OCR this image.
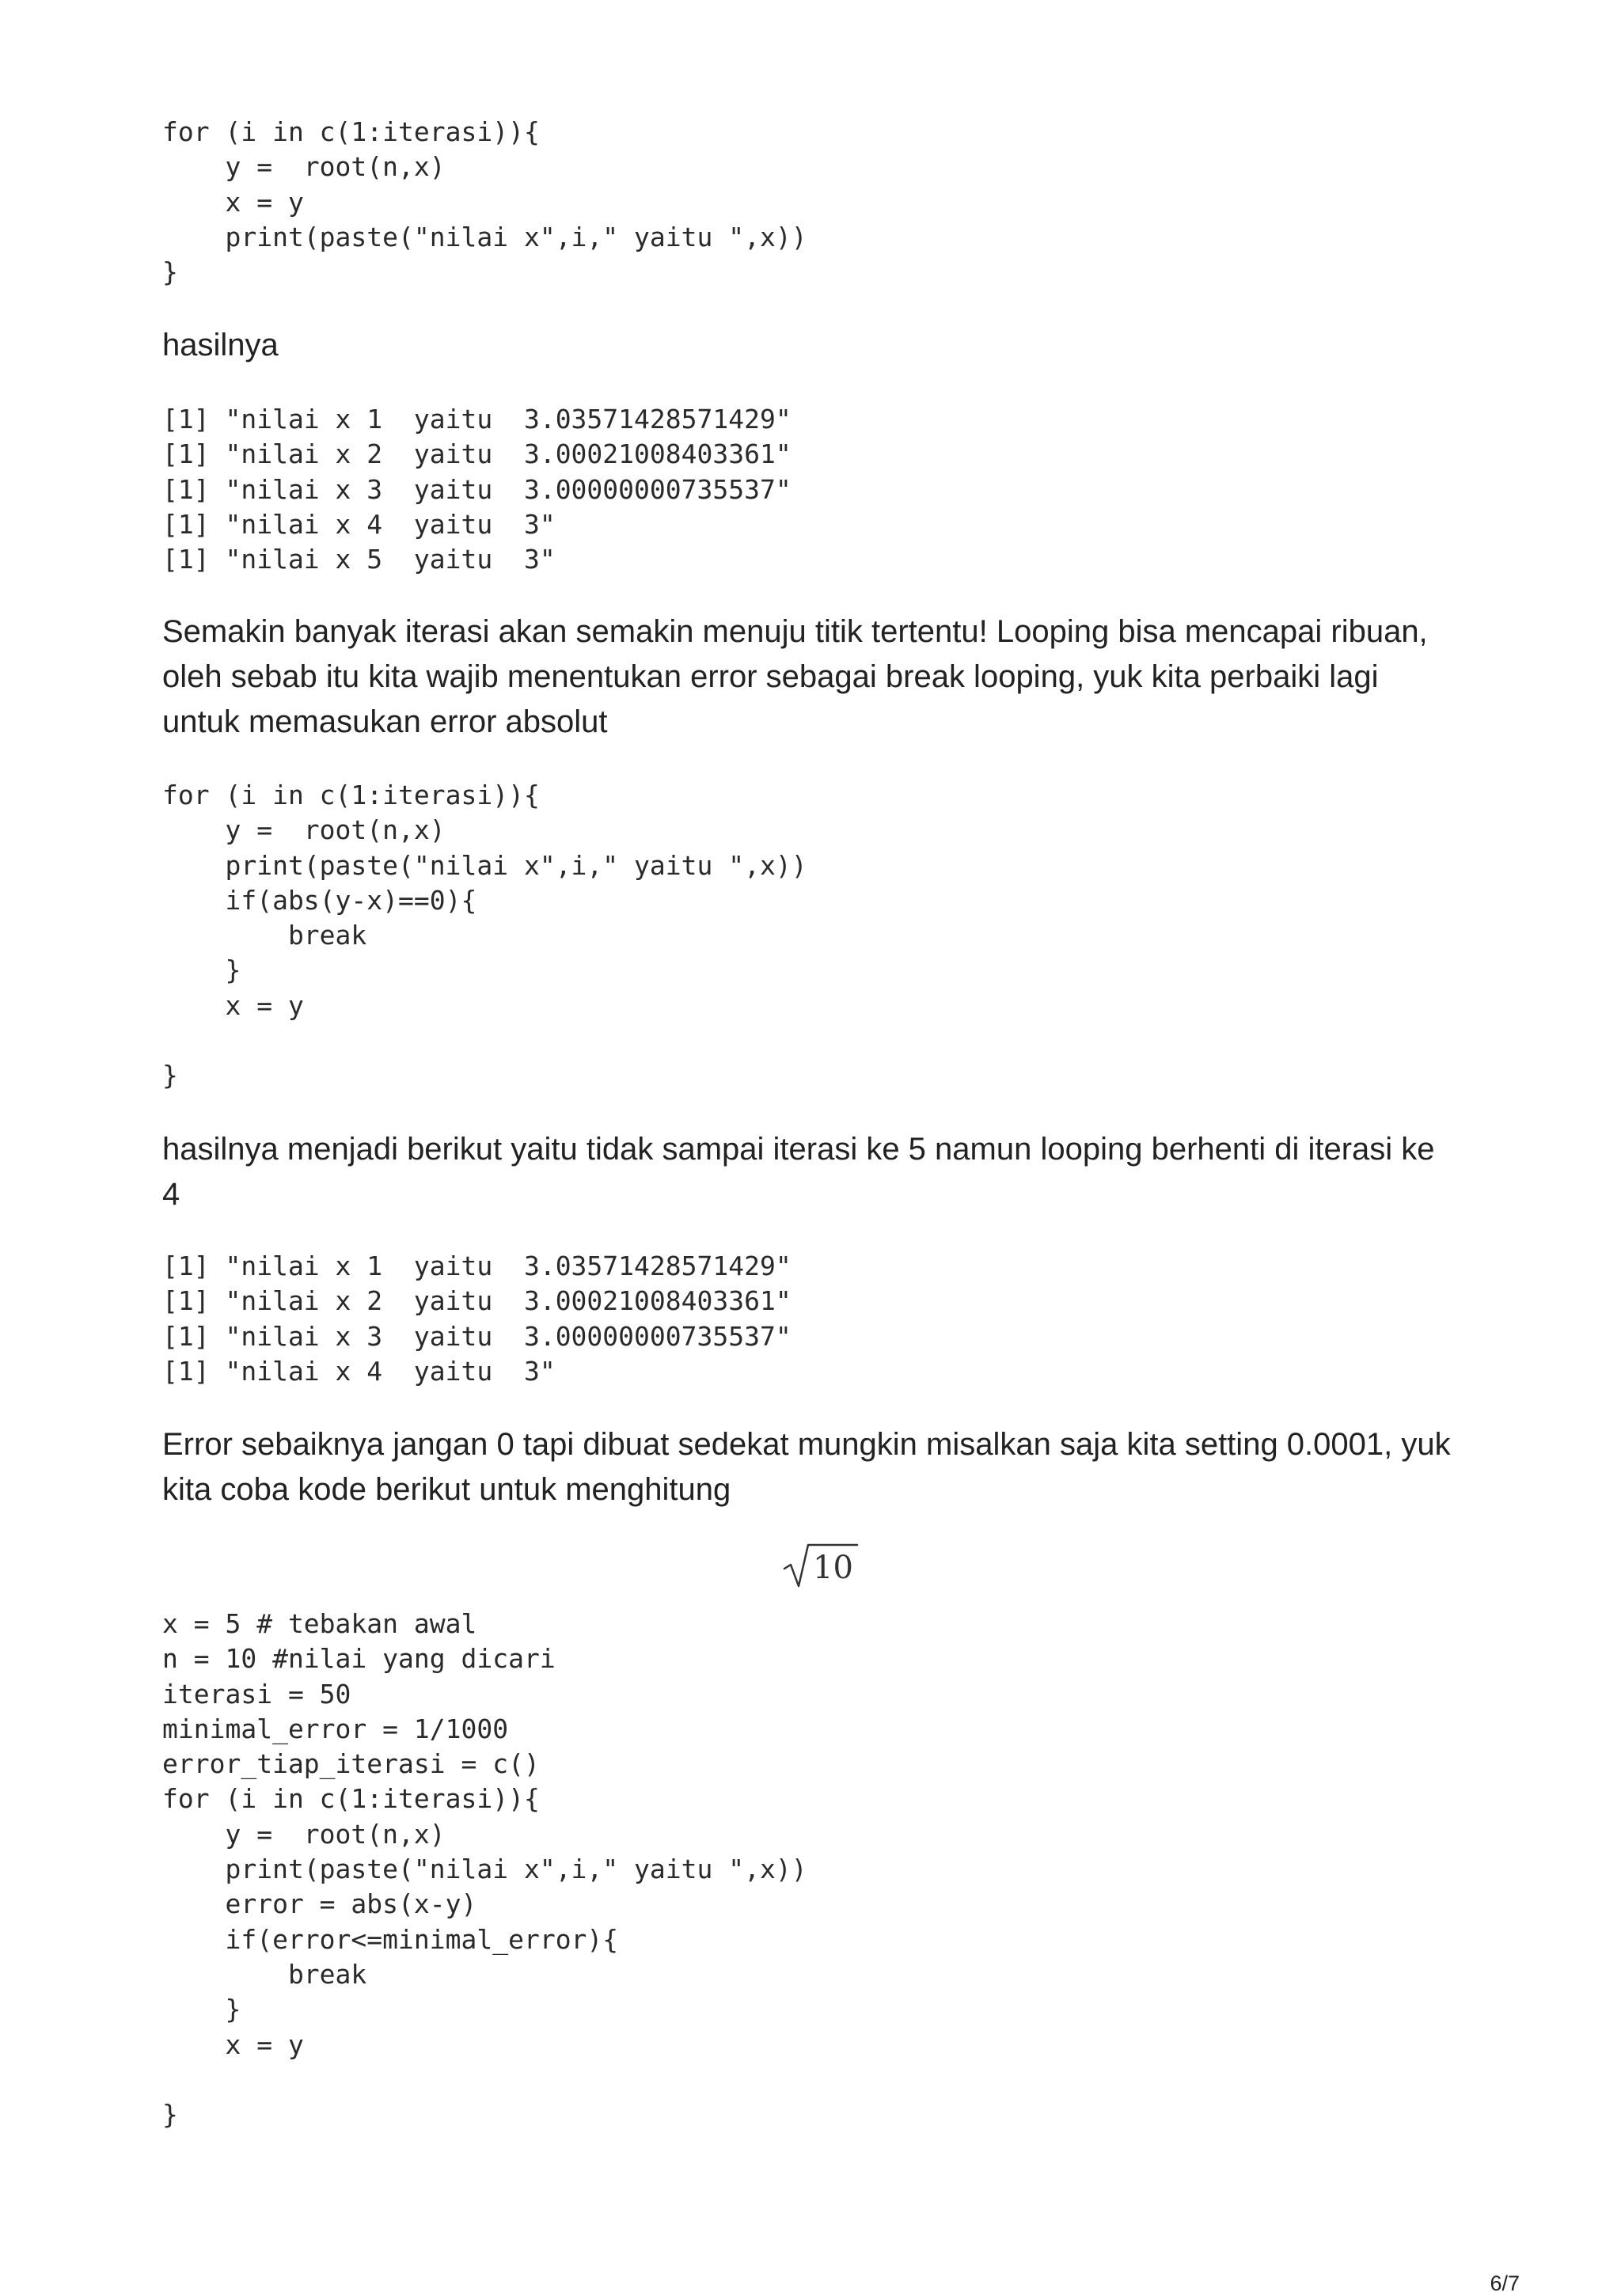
for (i in c(1:iterasi)){
y =  root(n,x)
x = y
print(paste("nilai x",i," yaitu ",x))
}

hasilnya

[1] "nilai x 1  yaitu  3.03571428571429"
[1] "nilai x 2  yaitu  3.00021008403361"
[1] "nilai x 3  yaitu  3.00000000735537"
[1] "nilai x 4  yaitu  3"
[1] "nilai x 5  yaitu  3"

Semakin banyak iterasi akan semakin menuju titik tertentu! Looping bisa mencapai ribuan, oleh sebab itu kita wajib menentukan error sebagai break looping, yuk kita perbaiki lagi untuk memasukan error absolut

for (i in c(1:iterasi)){
y =  root(n,x)
print(paste("nilai x",i," yaitu ",x))
if(abs(y-x)==0){
break
}
x = y

}

hasilnya menjadi berikut yaitu tidak sampai iterasi ke 5 namun looping berhenti di iterasi ke 4

[1] "nilai x 1  yaitu  3.03571428571429"
[1] "nilai x 2  yaitu  3.00021008403361"
[1] "nilai x 3  yaitu  3.00000000735537"
[1] "nilai x 4  yaitu  3"

Error sebaiknya jangan 0 tapi dibuat sedekat mungkin misalkan saja kita setting 0.0001, yuk kita coba kode berikut untuk menghitung

10
x = 5 # tebakan awal
n = 10 #nilai yang dicari
iterasi = 50
minimal_error = 1/1000
error_tiap_iterasi = c()
for (i in c(1:iterasi)){
y =  root(n,x)
print(paste("nilai x",i," yaitu ",x))
error = abs(x-y)
if(error<=minimal_error){
break
}
x = y

}
6/7
